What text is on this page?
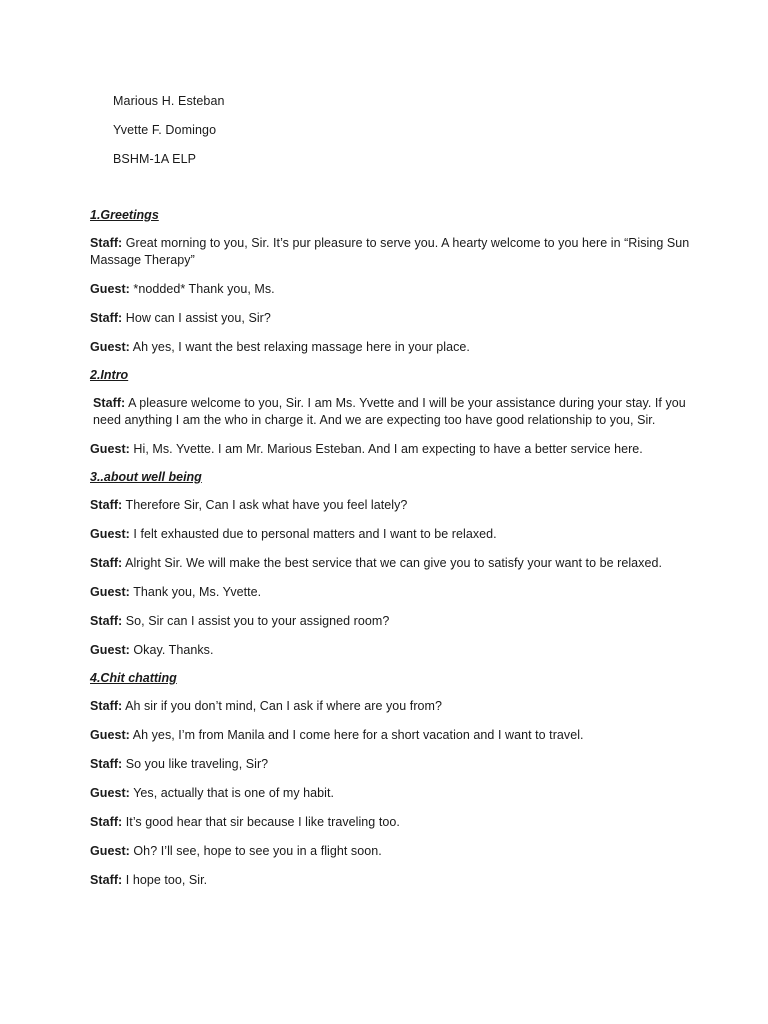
Marious H. Esteban

Yvette F. Domingo

BSHM-1A ELP

1.Greetings

Staff: Great morning to you, Sir. It’s pur pleasure to serve you. A hearty welcome to you here in “Rising Sun Massage Therapy”

Guest: *nodded* Thank you, Ms.

Staff: How can I assist you, Sir?

Guest: Ah yes, I want the best relaxing massage here in your place.

2.Intro

Staff: A pleasure welcome to you, Sir. I am Ms. Yvette and I will be your assistance during your stay. If you need anything I am the who in charge it. And we are expecting too have good relationship to you, Sir.

Guest: Hi, Ms. Yvette. I am Mr. Marious Esteban. And I am expecting to have a better service here.

3..about well being

Staff: Therefore Sir, Can I ask what have you feel lately?

Guest: I felt exhausted due to personal matters and I want to be relaxed.

Staff: Alright Sir. We will make the best service that we can give you to satisfy your want to be relaxed.

Guest: Thank you, Ms. Yvette.

Staff: So, Sir can I assist you to your assigned room?

Guest: Okay. Thanks.

4.Chit chatting

Staff: Ah sir if you don’t mind, Can I ask if where are you from?

Guest: Ah yes, I’m from Manila and I come here for a short vacation and I want to travel.

Staff: So you like traveling, Sir?

Guest: Yes, actually that is one of my habit.

Staff: It’s good hear that sir because I like traveling too.

Guest: Oh? I’ll see, hope to see you in a flight soon.

Staff: I hope too, Sir.
